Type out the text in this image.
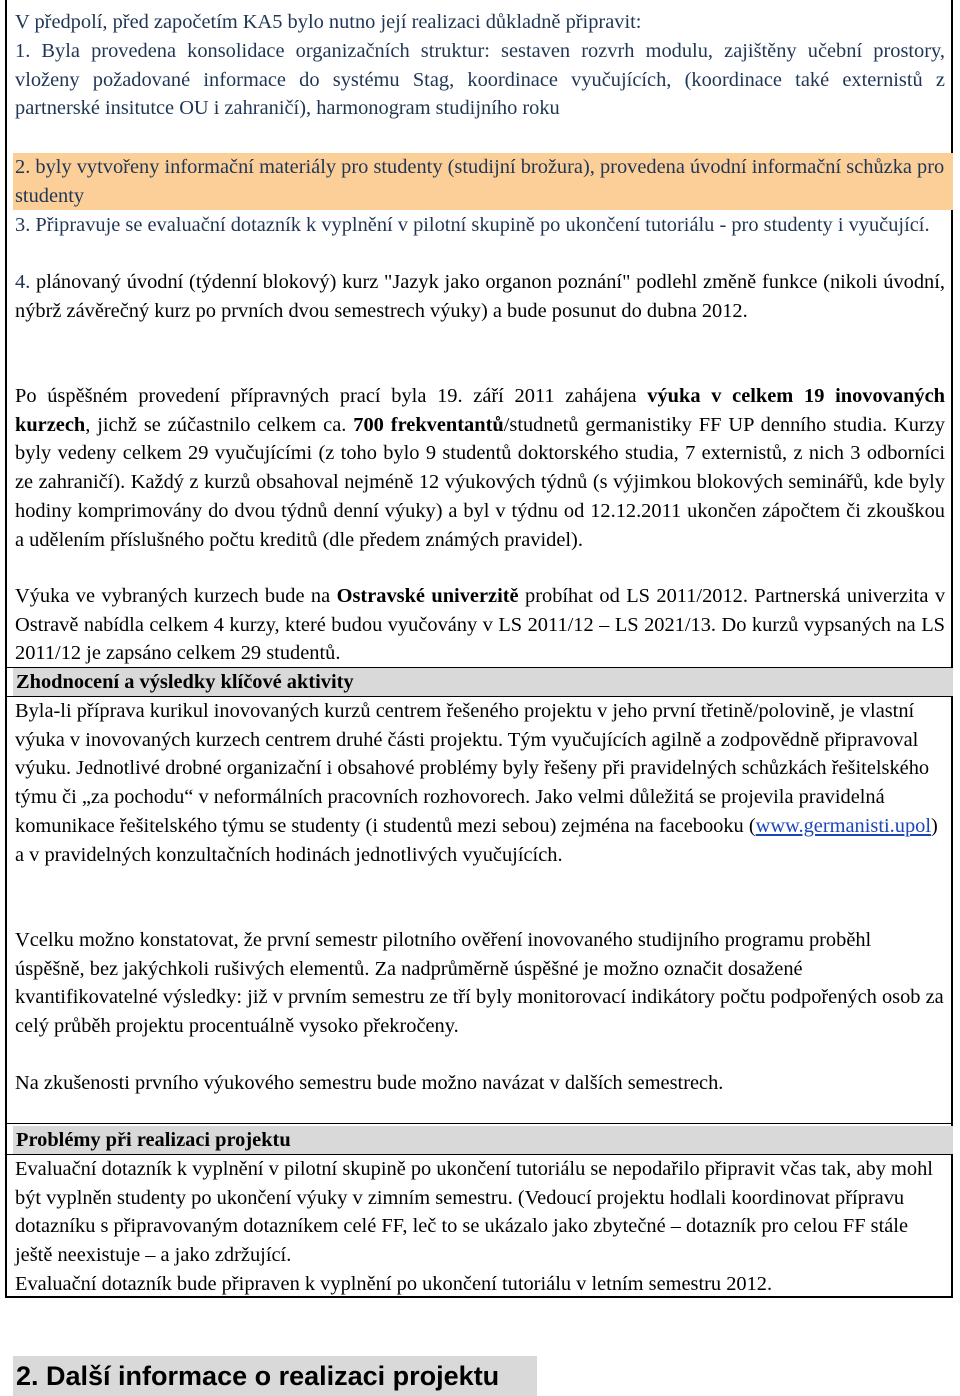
V předpolí, před započetím KA5 bylo nutno její realizaci důkladně připravit:

1. Byla provedena konsolidace organizačních struktur: sestaven rozvrh modulu, zajištěny učební prostory, vloženy požadované informace do systému Stag, koordinace vyučujících, (koordinace také externistů z partnerské insitutce OU i zahraničí), harmonogram studijního roku

2. byly vytvořeny informační materiály pro studenty (studijní brožura), provedena úvodní informační schůzka pro studenty

3. Připravuje se evaluační dotazník k vyplnění v pilotní skupině po ukončení tutoriálu - pro studenty i vyučující.

4. plánovaný úvodní (týdenní blokový) kurz "Jazyk jako organon poznání" podlehl změně funkce (nikoli úvodní, nýbrž závěrečný kurz po prvních dvou semestrech výuky) a bude posunut do dubna 2012.

Po úspěšném provedení přípravných prací byla 19. září 2011 zahájena výuka v celkem 19 inovovaných kurzech, jichž se zúčastnilo celkem ca. 700 frekventantů/studnetů germanistiky FF UP denního studia. Kurzy byly vedeny celkem 29 vyučujícími (z toho bylo 9 studentů doktorského studia, 7 externistů, z nich 3 odborníci ze zahraničí). Každý z kurzů obsahoval nejméně 12 výukových týdnů (s výjimkou blokových seminářů, kde byly hodiny komprimovány do dvou týdnů denní výuky) a byl v týdnu od 12.12.2011 ukončen zápočtem či zkouškou a udělením příslušného počtu kreditů (dle předem známých pravidel).

Výuka ve vybraných kurzech bude na Ostravské univerzitě probíhat od LS 2011/2012. Partnerská univerzita v Ostravě nabídla celkem 4 kurzy, které budou vyučovány v LS 2011/12 – LS 2021/13. Do kurzů vypsaných na LS 2011/12 je zapsáno celkem 29 studentů.

Zhodnocení a výsledky klíčové aktivity

Byla-li příprava kurikul inovovaných kurzů centrem řešeného projektu v jeho první třetině/polovině, je vlastní výuka v inovovaných kurzech centrem druhé části projektu. Tým vyučujících agilně a zodpovědně připravoval výuku. Jednotlivé drobné organizační i obsahové problémy byly řešeny při pravidelných schůzkách řešitelského týmu či „za pochodu“ v neformálních pracovních rozhovorech. Jako velmi důležitá se projevila pravidelná komunikace řešitelského týmu se studenty (i studentů mezi sebou) zejména na facebooku (www.germanisti.upol) a v pravidelných konzultačních hodinách jednotlivých vyučujících.

Vcelku možno konstatovat, že první semestr pilotního ověření inovovaného studijního programu proběhl úspěšně, bez jakýchkoli rušivých elementů. Za nadprůměrně úspěšné je možno označit dosažené kvantifikovatelné výsledky: již v prvním semestru ze tří byly monitorovací indikátory počtu podpořených osob za celý průběh projektu procentuálně vysoko překročeny.

Na zkušenosti prvního výukového semestru bude možno navázat v dalších semestrech.

Problémy při realizaci projektu

Evaluační dotazník k vyplnění v pilotní skupině po ukončení tutoriálu se nepodařilo připravit včas tak, aby mohl být vyplněn studenty po ukončení výuky v zimním semestru. (Vedoucí projektu hodlali koordinovat přípravu dotazníku s připravovaným dotazníkem celé FF, leč to se ukázalo jako zbytečné – dotazník pro celou FF stále ještě neexistuje – a jako zdržující.

Evaluační dotazník bude připraven k vyplnění po ukončení tutoriálu v letním semestru 2012.

2. Další informace o realizaci projektu
